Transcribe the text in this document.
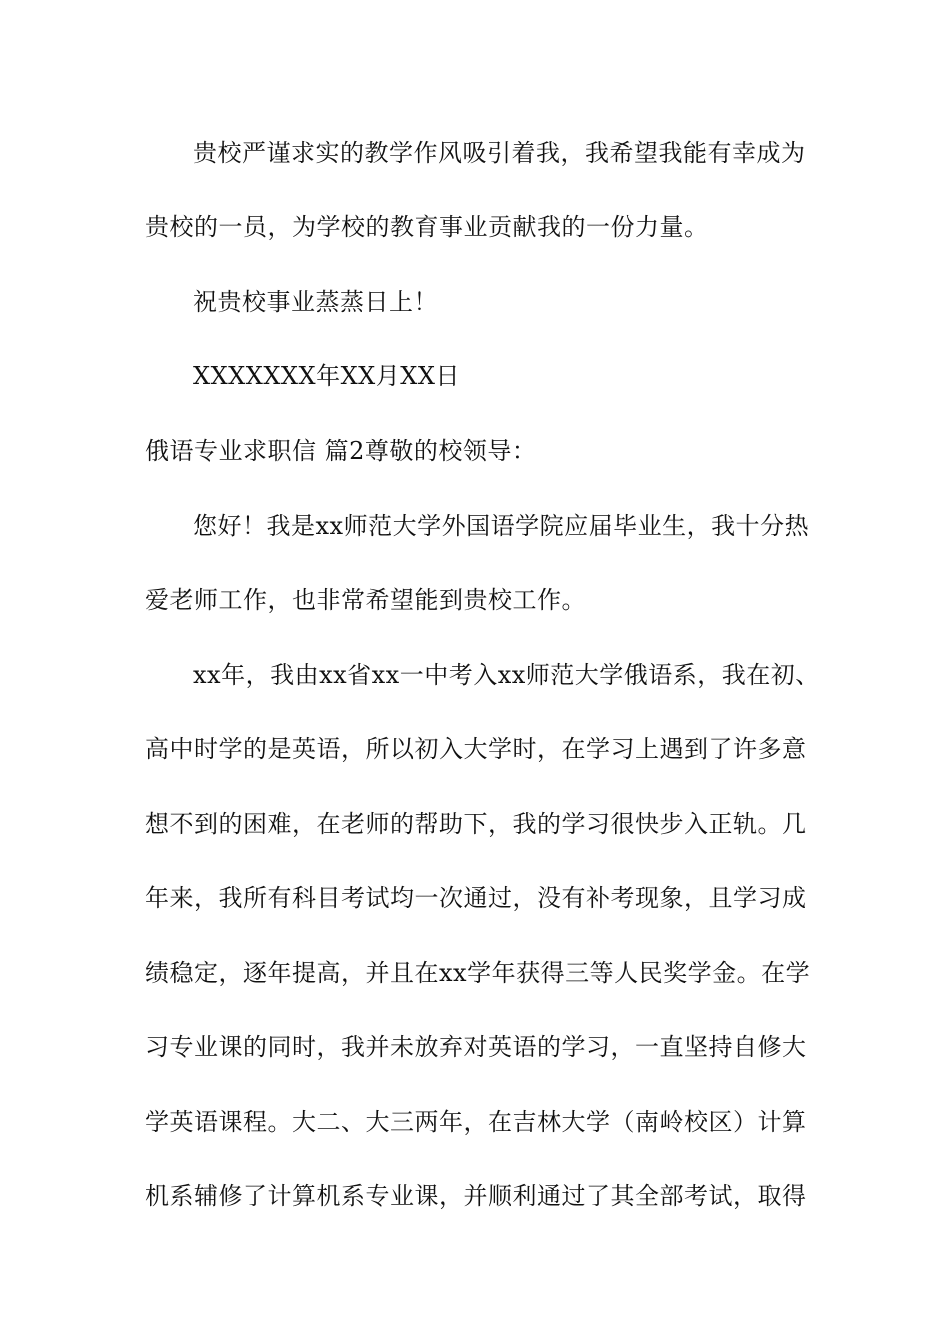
贵校严谨求实的教学作风吸引着我，我希望我能有幸成为
贵校的一员，为学校的教育事业贡献我的一份力量。
祝贵校事业蒸蒸日上！
XXXXXXX年XX月XX日
俄语专业求职信 篇2尊敬的校领导：
您好！我是xx师范大学外国语学院应届毕业生，我十分热
爱老师工作，也非常希望能到贵校工作。
xx年，我由xx省xx一中考入xx师范大学俄语系，我在初、
高中时学的是英语，所以初入大学时，在学习上遇到了许多意
想不到的困难，在老师的帮助下，我的学习很快步入正轨。几
年来，我所有科目考试均一次通过，没有补考现象，且学习成
绩稳定，逐年提高，并且在xx学年获得三等人民奖学金。在学
习专业课的同时，我并未放弃对英语的学习，一直坚持自修大
学英语课程。大二、大三两年，在吉林大学（南岭校区）计算
机系辅修了计算机系专业课，并顺利通过了其全部考试，取得
